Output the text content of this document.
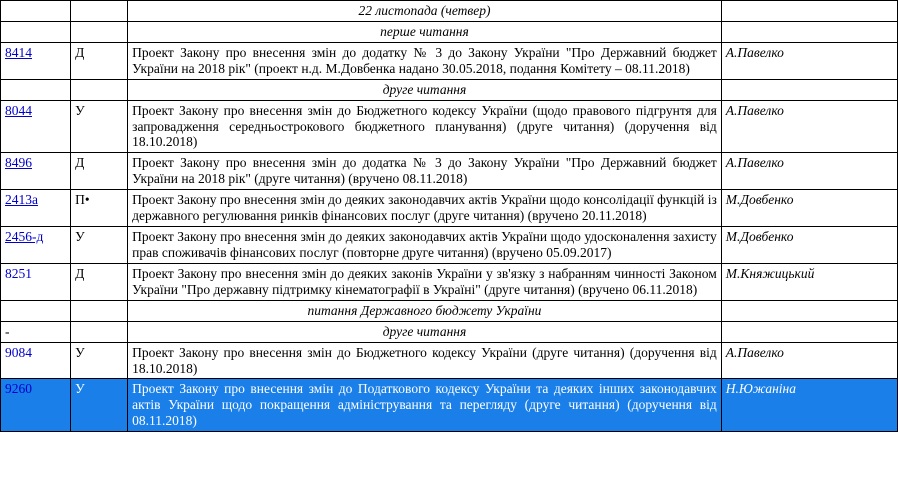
		22 листопада (четвер)	
		перше читання	
8414	Д	Проект Закону про внесення змін до додатку № 3 до Закону України "Про Державний бюджет України на 2018 рік" (проект н.д. М.Довбенка надано 30.05.2018, подання Комітету – 08.11.2018)	А.Павелко
		друге читання	
8044	У	Проект Закону про внесення змін до Бюджетного кодексу України (щодо правового підгрунтя для запровадження середньострокового бюджетного планування) (друге читання) (доручення від 18.10.2018)	А.Павелко
8496	Д	Проект Закону про внесення змін до додатка № 3 до Закону України "Про Державний бюджет України на 2018 рік" (друге читання) (вручено 08.11.2018)	А.Павелко
2413а	П•	Проект Закону про внесення змін до деяких законодавчих актів України щодо консолідації функцій із державного регулювання ринків фінансових послуг (друге читання) (вручено 20.11.2018)	М.Довбенко
2456-д	У	Проект Закону про внесення змін до деяких законодавчих актів України щодо удосконалення захисту прав споживачів фінансових послуг (повторне друге читання) (вручено 05.09.2017)	М.Довбенко
8251	Д	Проект Закону про внесення змін до деяких законів України у зв'язку з набранням чинності Законом України "Про державну підтримку кінематографії в Україні" (друге читання) (вручено 06.11.2018)	М.Княжицький
		питання Державного бюджету України	
-		друге читання	
9084	У	Проект Закону про внесення змін до Бюджетного кодексу України (друге читання) (доручення від 18.10.2018)	А.Павелко
9260	У	Проект Закону про внесення змін до Податкового кодексу України та деяких інших законодавчих актів України щодо покращення адміністрування та перегляду (друге читання) (доручення від 08.11.2018)	Н.Южаніна
